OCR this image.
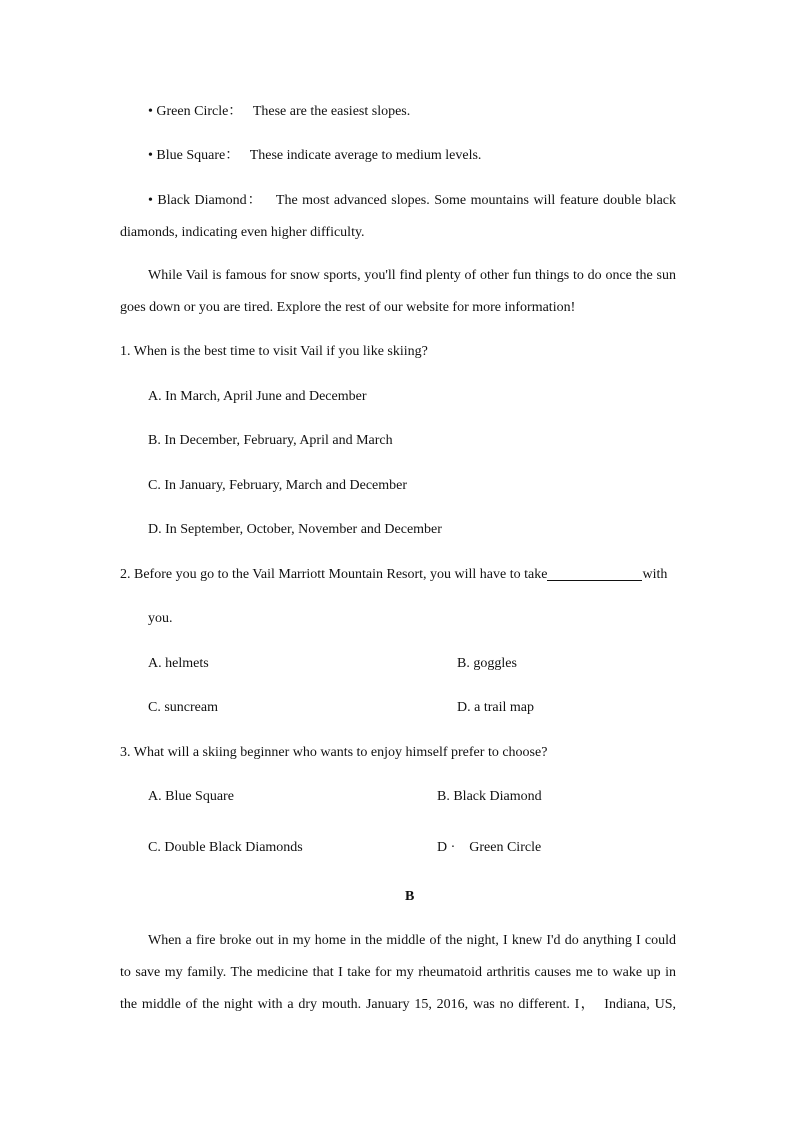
• Green Circle： These are the easiest slopes.
• Blue Square： These indicate average to medium levels.
• Black Diamond： The most advanced slopes. Some mountains will feature double black
diamonds, indicating even higher difficulty.
While Vail is famous for snow sports, you'll find plenty of other fun things to do once the sun
goes down or you are tired. Explore the rest of our website for more information!
1. When is the best time to visit Vail if you like skiing?
A. In March, April June and December
B. In December, February, April and March
C. In January, February, March and December
D. In September, October, November and December
2. Before you go to the Vail Marriott Mountain Resort, you will have to take	with
you.
A. helmets	B. goggles
C. suncream	D. a trail map
3. What will a skiing beginner who wants to enjoy himself prefer to choose?
A. Blue Square	B. Black Diamond
C. Double Black Diamonds	D ·　Green Circle
B
When a fire broke out in my home in the middle of the night, I knew I'd do anything I could
to save my family. The medicine that I take for my rheumatoid arthritis causes me to wake up in
the middle of the night with a dry mouth. January 15, 2016, was no different. I，　Indiana, US,
